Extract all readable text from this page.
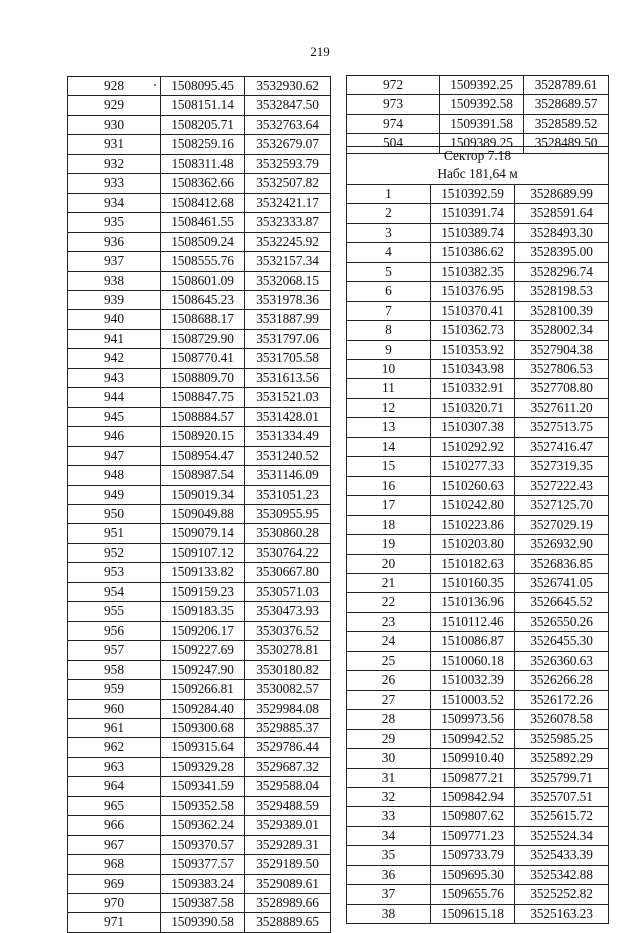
219
928	1508095.45	3532930.62
929	1508151.14	3532847.50
930	1508205.71	3532763.64
931	1508259.16	3532679.07
932	1508311.48	3532593.79
933	1508362.66	3532507.82
934	1508412.68	3532421.17
935	1508461.55	3532333.87
936	1508509.24	3532245.92
937	1508555.76	3532157.34
938	1508601.09	3532068.15
939	1508645.23	3531978.36
940	1508688.17	3531887.99
941	1508729.90	3531797.06
942	1508770.41	3531705.58
943	1508809.70	3531613.56
944	1508847.75	3531521.03
945	1508884.57	3531428.01
946	1508920.15	3531334.49
947	1508954.47	3531240.52
948	1508987.54	3531146.09
949	1509019.34	3531051.23
950	1509049.88	3530955.95
951	1509079.14	3530860.28
952	1509107.12	3530764.22
953	1509133.82	3530667.80
954	1509159.23	3530571.03
955	1509183.35	3530473.93
956	1509206.17	3530376.52
957	1509227.69	3530278.81
958	1509247.90	3530180.82
959	1509266.81	3530082.57
960	1509284.40	3529984.08
961	1509300.68	3529885.37
962	1509315.64	3529786.44
963	1509329.28	3529687.32
964	1509341.59	3529588.04
965	1509352.58	3529488.59
966	1509362.24	3529389.01
967	1509370.57	3529289.31
968	1509377.57	3529189.50
969	1509383.24	3529089.61
970	1509387.58	3528989.66
971	1509390.58	3528889.65
972	1509392.25	3528789.61
973	1509392.58	3528689.57
974	1509391.58	3528589.52
504	1509389.25	3528489.50
Сектор 7.18		
Набс 181,64 м		
1	1510392.59	3528689.99
2	1510391.74	3528591.64
3	1510389.74	3528493.30
4	1510386.62	3528395.00
5	1510382.35	3528296.74
6	1510376.95	3528198.53
7	1510370.41	3528100.39
8	1510362.73	3528002.34
9	1510353.92	3527904.38
10	1510343.98	3527806.53
11	1510332.91	3527708.80
12	1510320.71	3527611.20
13	1510307.38	3527513.75
14	1510292.92	3527416.47
15	1510277.33	3527319.35
16	1510260.63	3527222.43
17	1510242.80	3527125.70
18	1510223.86	3527029.19
19	1510203.80	3526932.90
20	1510182.63	3526836.85
21	1510160.35	3526741.05
22	1510136.96	3526645.52
23	1510112.46	3526550.26
24	1510086.87	3526455.30
25	1510060.18	3526360.63
26	1510032.39	3526266.28
27	1510003.52	3526172.26
28	1509973.56	3526078.58
29	1509942.52	3525985.25
30	1509910.40	3525892.29
31	1509877.21	3525799.71
32	1509842.94	3525707.51
33	1509807.62	3525615.72
34	1509771.23	3525524.34
35	1509733.79	3525433.39
36	1509695.30	3525342.88
37	1509655.76	3525252.82
38	1509615.18	3525163.23
